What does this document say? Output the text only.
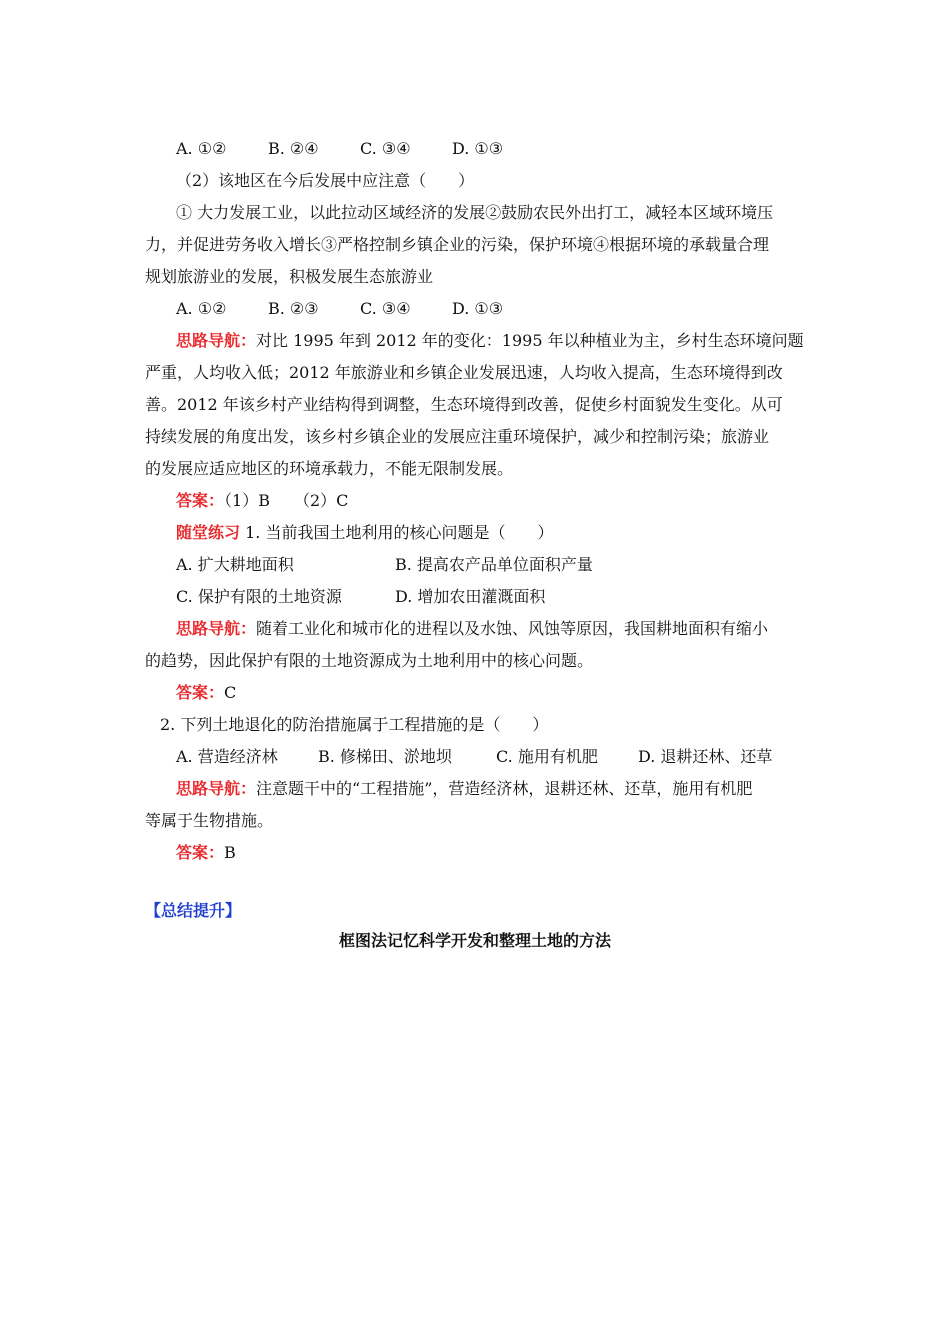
A. ①②	B. ②④	C. ③④	D. ①③
（2）该地区在今后发展中应注意（　　）
① 大力发展工业，以此拉动区域经济的发展②鼓励农民外出打工，减轻本区域环境压
力，并促进劳务收入增长③严格控制乡镇企业的污染，保护环境④根据环境的承载量合理
规划旅游业的发展，积极发展生态旅游业
A. ①②	B. ②③	C. ③④	D. ①③
思路导航：对比 1995 年到 2012 年的变化：1995 年以种植业为主，乡村生态环境问题
严重，人均收入低；2012 年旅游业和乡镇企业发展迅速，人均收入提高，生态环境得到改
善。2012 年该乡村产业结构得到调整，生态环境得到改善，促使乡村面貌发生变化。从可
持续发展的角度出发，该乡村乡镇企业的发展应注重环境保护，减少和控制污染；旅游业
的发展应适应地区的环境承载力，不能无限制发展。
答案：（1）B　　（2）C
随堂练习 1. 当前我国土地利用的核心问题是（　　）
A. 扩大耕地面积	B. 提高农产品单位面积产量
C. 保护有限的土地资源	D. 增加农田灌溉面积
思路导航：随着工业化和城市化的进程以及水蚀、风蚀等原因，我国耕地面积有缩小
的趋势，因此保护有限的土地资源成为土地利用中的核心问题。
答案：C
2. 下列土地退化的防治措施属于工程措施的是（　　）
A. 营造经济林	B. 修梯田、淤地坝	C. 施用有机肥	D. 退耕还林、还草
思路导航：注意题干中的“工程措施”，营造经济林，退耕还林、还草，施用有机肥
等属于生物措施。
答案：B
【总结提升】
框图法记忆科学开发和整理土地的方法
